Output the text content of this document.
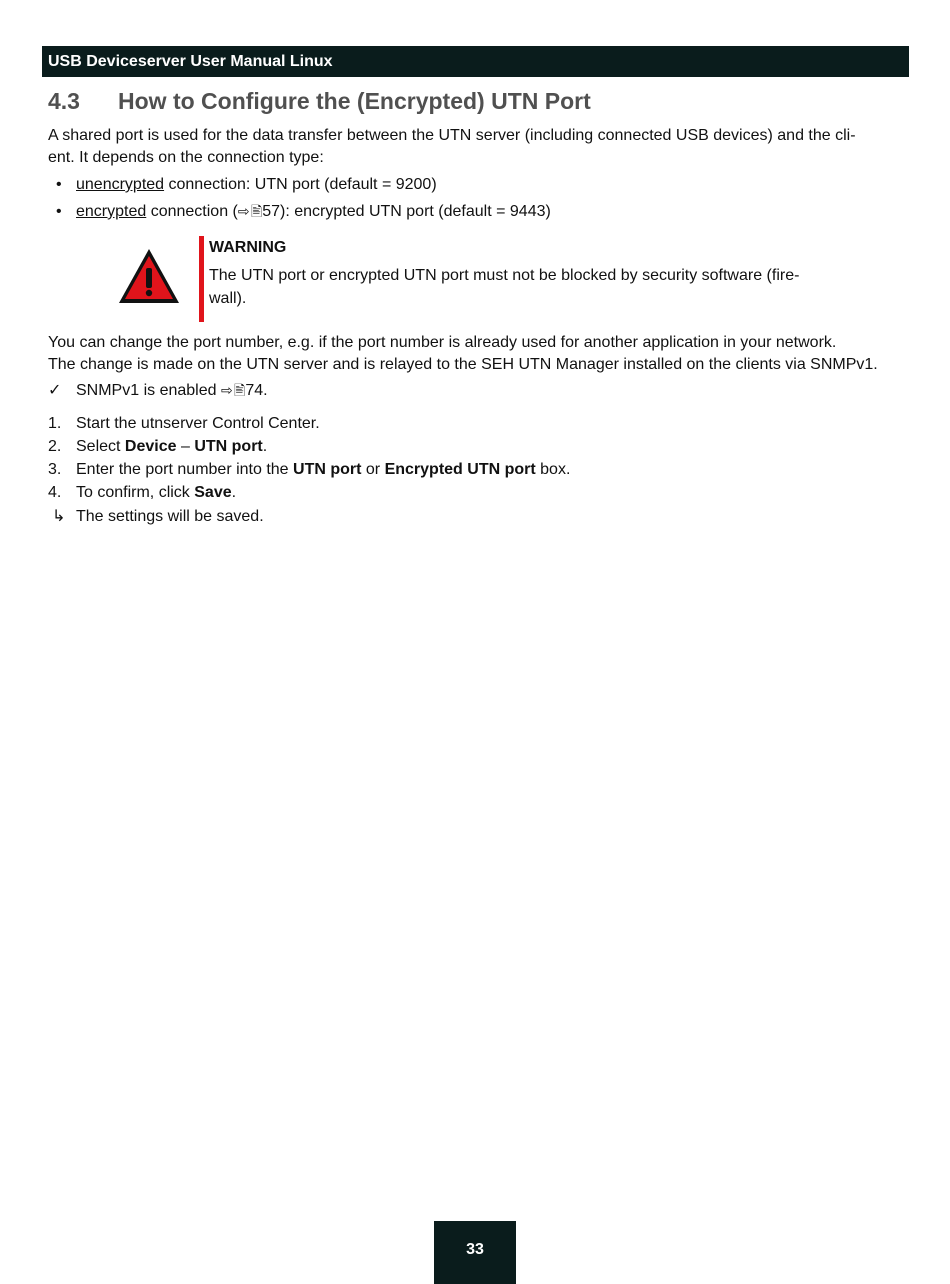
USB Deviceserver User Manual Linux
4.3 How to Configure the (Encrypted) UTN Port
A shared port is used for the data transfer between the UTN server (including connected USB devices) and the cli-
ent. It depends on the connection type:
• unencrypted connection: UTN port (default = 9200)
• encrypted connection (⇨ 🖹57): encrypted UTN port (default = 9443)
WARNING
The UTN port or encrypted UTN port must not be blocked by security software (fire-
wall).
You can change the port number, e.g. if the port number is already used for another application in your network.
The change is made on the UTN server and is relayed to the SEH UTN Manager installed on the clients via SNMPv1.
✓ SNMPv1 is enabled ⇨ 🖹74.
1. Start the utnserver Control Center.
2. Select Device – UTN port.
3. Enter the port number into the UTN port or Encrypted UTN port box.
4. To confirm, click Save.
↳ The settings will be saved.
33
